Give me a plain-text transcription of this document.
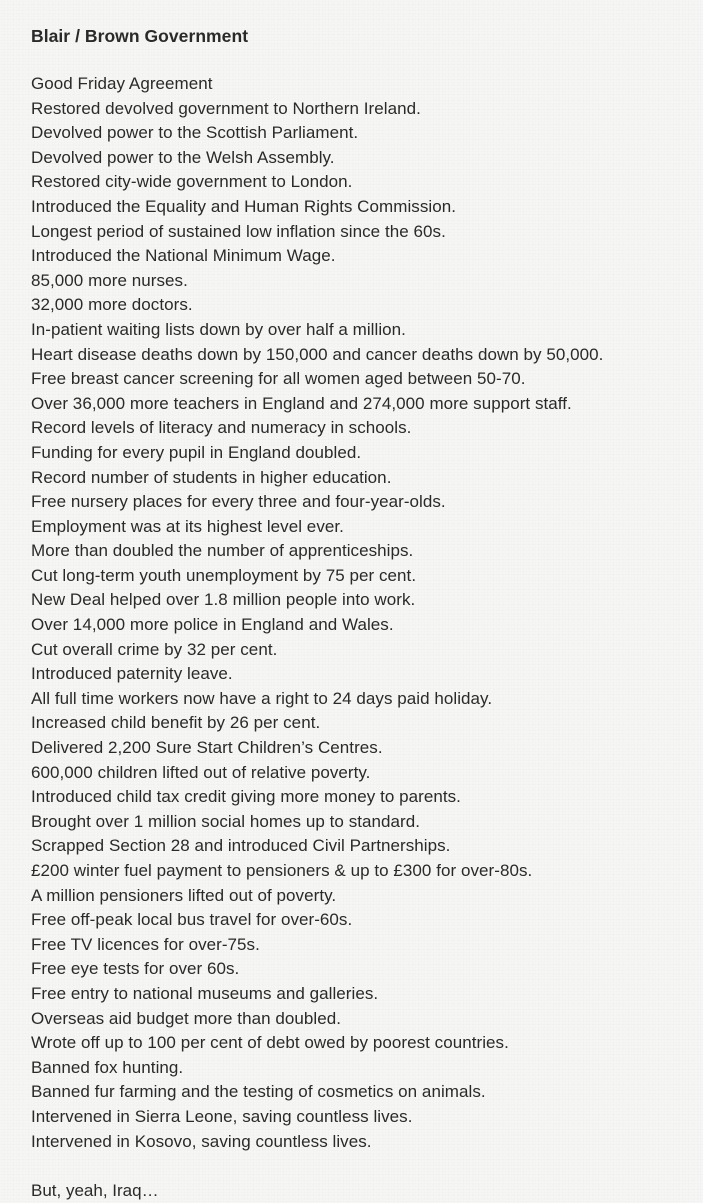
Blair / Brown Government
Good Friday Agreement
Restored devolved government to Northern Ireland.
Devolved power to the Scottish Parliament.
Devolved power to the Welsh Assembly.
Restored city-wide government to London.
Introduced the Equality and Human Rights Commission.
Longest period of sustained low inflation since the 60s.
Introduced the National Minimum Wage.
85,000 more nurses.
32,000 more doctors.
In-patient waiting lists down by over half a million.
Heart disease deaths down by 150,000 and cancer deaths down by 50,000.
Free breast cancer screening for all women aged between 50-70.
Over 36,000 more teachers in England and 274,000 more support staff.
Record levels of literacy and numeracy in schools.
Funding for every pupil in England doubled.
Record number of students in higher education.
Free nursery places for every three and four-year-olds.
Employment was at its highest level ever.
More than doubled the number of apprenticeships.
Cut long-term youth unemployment by 75 per cent.
New Deal helped over 1.8 million people into work.
Over 14,000 more police in England and Wales.
Cut overall crime by 32 per cent.
Introduced paternity leave.
All full time workers now have a right to 24 days paid holiday.
Increased child benefit by 26 per cent.
Delivered 2,200 Sure Start Children’s Centres.
600,000 children lifted out of relative poverty.
Introduced child tax credit giving more money to parents.
Brought over 1 million social homes up to standard.
Scrapped Section 28 and introduced Civil Partnerships.
£200 winter fuel payment to pensioners & up to £300 for over-80s.
A million pensioners lifted out of poverty.
Free off-peak local bus travel for over-60s.
Free TV licences for over-75s.
Free eye tests for over 60s.
Free entry to national museums and galleries.
Overseas aid budget more than doubled.
Wrote off up to 100 per cent of debt owed by poorest countries.
Banned fox hunting.
Banned fur farming and the testing of cosmetics on animals.
Intervened in Sierra Leone, saving countless lives.
Intervened in Kosovo, saving countless lives.
But, yeah, Iraq…
